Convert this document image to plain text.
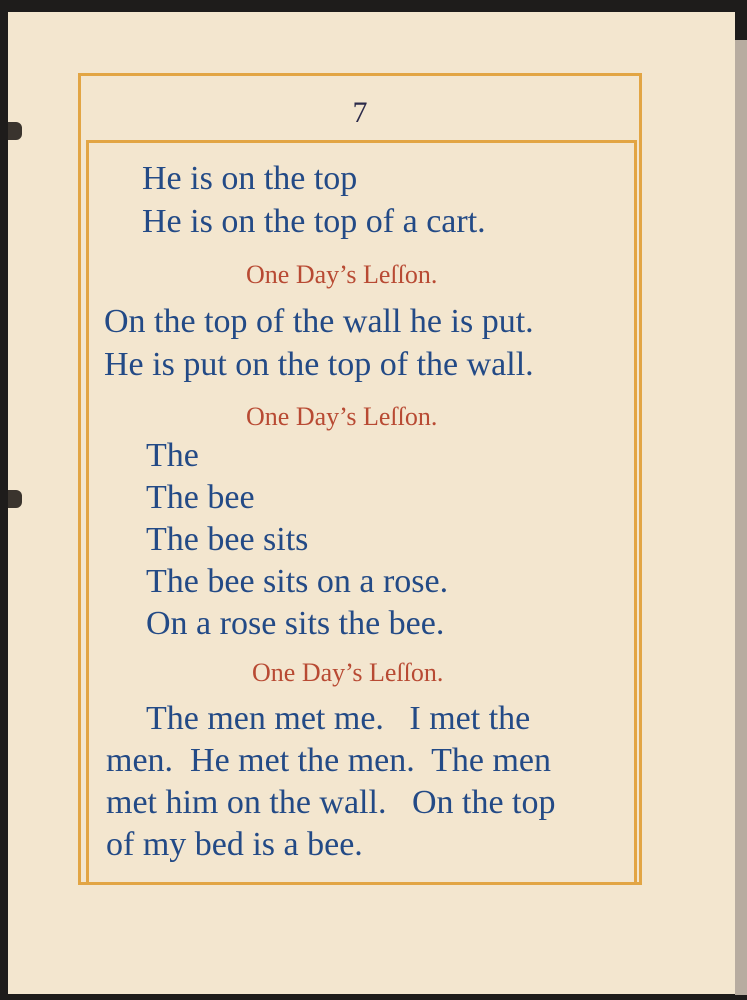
7
He is on the top
He is on the top of a cart.
One Day’s Leſſon.
On the top of the wall he is put.
He is put on the top of the wall.
One Day’s Leſſon.
The
The bee
The bee sits
The bee sits on a rose.
On a rose sits the bee.
One Day’s Leſſon.
The men met me.   I met the
men.  He met the men.  The men
met him on the wall.   On the top
of my bed is a bee.
